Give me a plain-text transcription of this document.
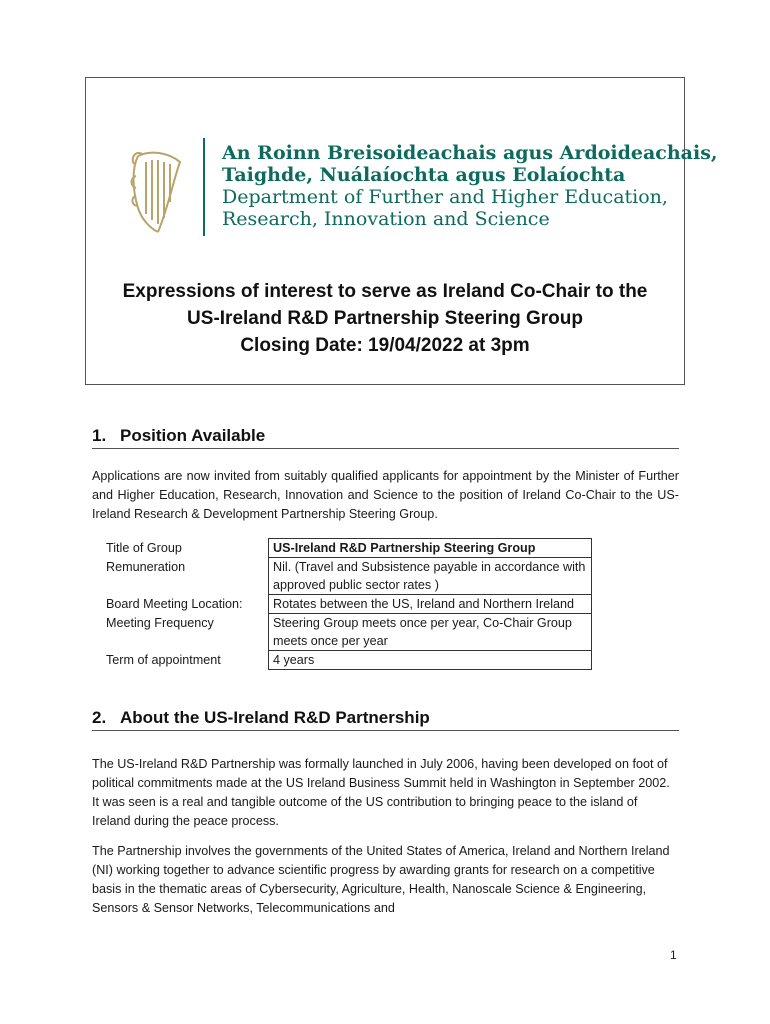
An Roinn Breisoideachais agus Ardoideachais,
Taighde, Nuálaíochta agus Eolaíochta
Department of Further and Higher Education,
Research, Innovation and Science
Expressions of interest to serve as Ireland Co-Chair to the
US-Ireland R&D Partnership Steering Group
Closing Date: 19/04/2022 at 3pm
1. Position Available

Applications are now invited from suitably qualified applicants for appointment by the Minister of Further and Higher Education, Research, Innovation and Science to the position of Ireland Co-Chair to the US-Ireland Research & Development Partnership Steering Group.

Title of Group	US-Ireland R&D Partnership Steering Group
Remuneration	Nil. (Travel and Subsistence payable in accordance with approved public sector rates )
Board Meeting Location:	Rotates between the US, Ireland and Northern Ireland
Meeting Frequency	Steering Group meets once per year, Co-Chair Group meets once per year
Term of appointment	4 years
2. About the US-Ireland R&D Partnership

The US-Ireland R&D Partnership was formally launched in July 2006, having been developed on foot of political commitments made at the US Ireland Business Summit held in Washington in September 2002. It was seen is a real and tangible outcome of the US contribution to bringing peace to the island of Ireland during the peace process.

The Partnership involves the governments of the United States of America, Ireland and Northern Ireland (NI) working together to advance scientific progress by awarding grants for research on a competitive basis in the thematic areas of Cybersecurity, Agriculture, Health, Nanoscale Science & Engineering, Sensors & Sensor Networks, Telecommunications and

1
